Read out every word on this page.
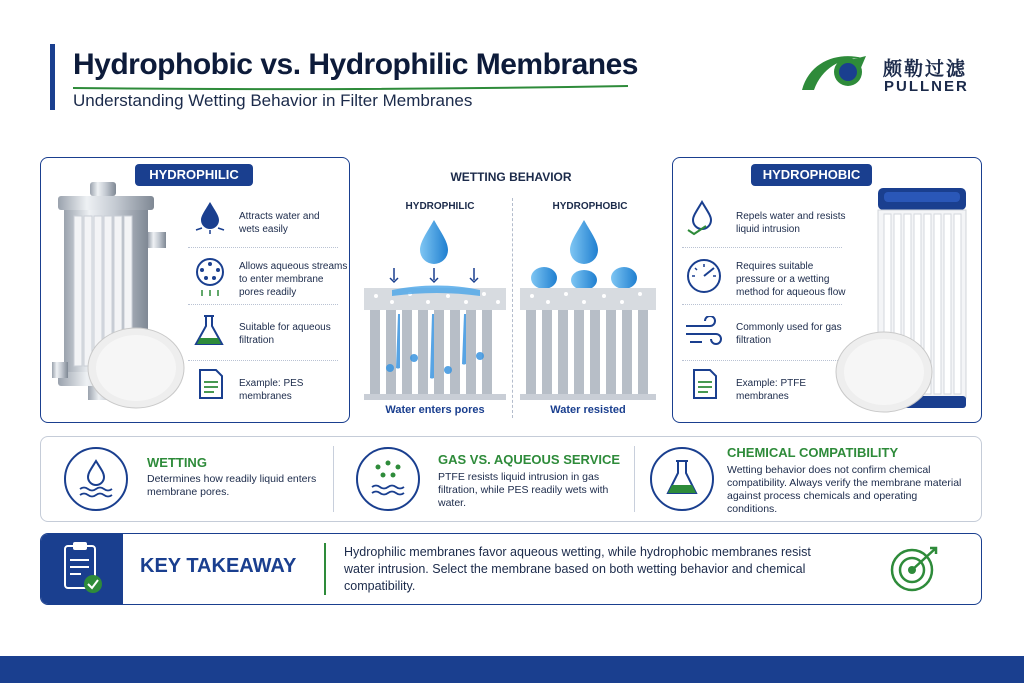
Hydrophobic vs. Hydrophilic Membranes
Understanding Wetting Behavior in Filter Membranes
颇勒过滤
PULLNER
HYDROPHILIC
Attracts water and wets easily
Allows aqueous streams to enter membrane pores readily
Suitable for aqueous filtration
Example: PES membranes
WETTING BEHAVIOR
HYDROPHILIC	HYDROPHOBIC
Water enters pores	Water resisted
HYDROPHOBIC
Repels water and resists liquid intrusion
Requires suitable pressure or a wetting method for aqueous flow
Commonly used for gas filtration
Example: PTFE membranes
WETTING
Determines how readily liquid enters membrane pores.
GAS VS. AQUEOUS SERVICE
PTFE resists liquid intrusion in gas filtration, while PES readily wets with water.
CHEMICAL COMPATIBILITY
Wetting behavior does not confirm chemical compatibility. Always verify the membrane material against process chemicals and operating conditions.
KEY TAKEAWAY
Hydrophilic membranes favor aqueous wetting, while hydrophobic membranes resist water intrusion. Select the membrane based on both wetting behavior and chemical compatibility.
